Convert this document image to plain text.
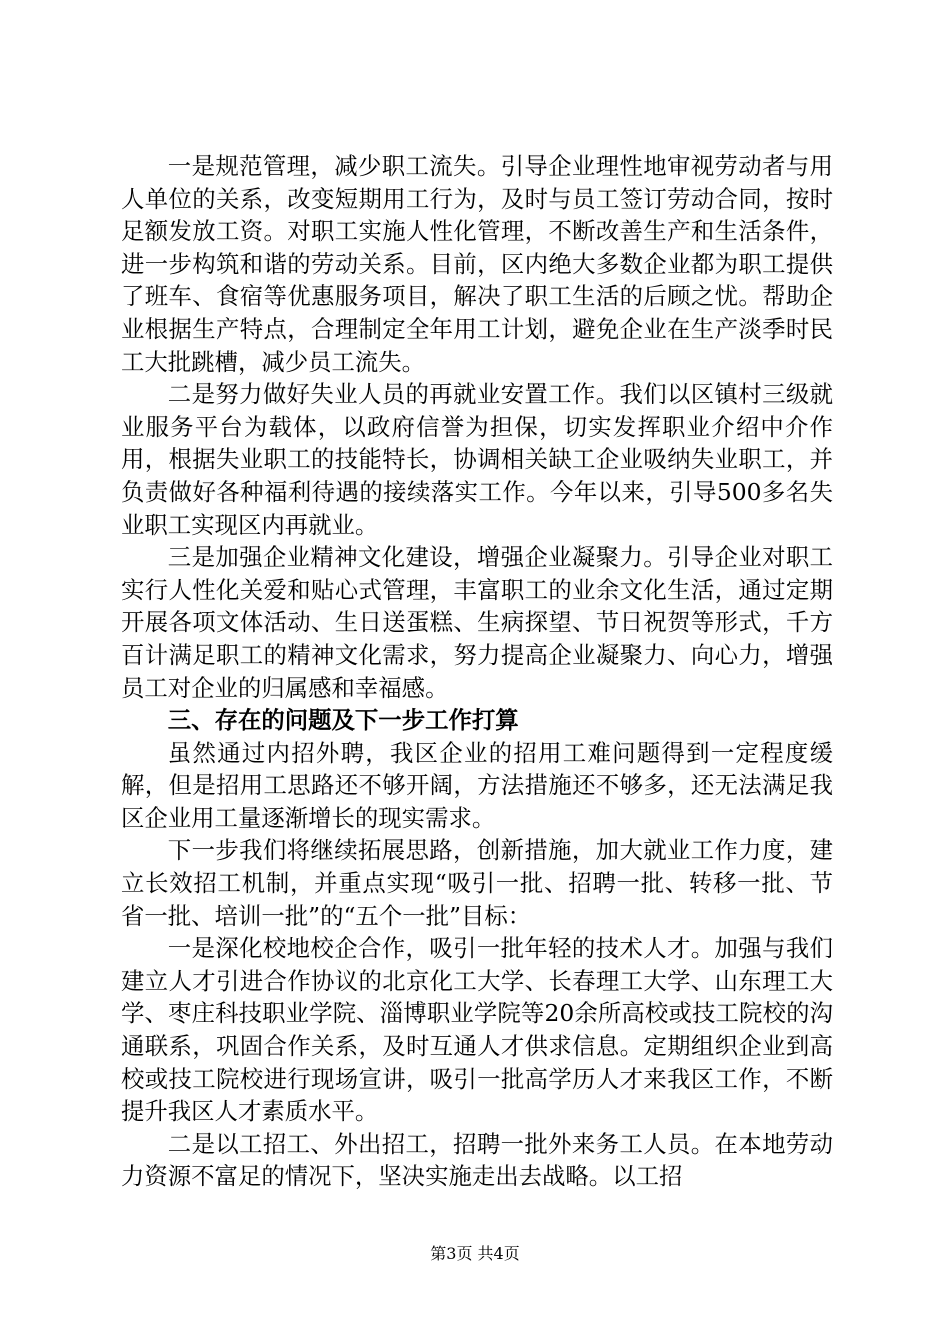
一是规范管理，减少职工流失。引导企业理性地审视劳动者与用人单位的关系，改变短期用工行为，及时与员工签订劳动合同，按时足额发放工资。对职工实施人性化管理，不断改善生产和生活条件，进一步构筑和谐的劳动关系。目前，区内绝大多数企业都为职工提供了班车、食宿等优惠服务项目，解决了职工生活的后顾之忧。帮助企业根据生产特点，合理制定全年用工计划，避免企业在生产淡季时民工大批跳槽，减少员工流失。

二是努力做好失业人员的再就业安置工作。我们以区镇村三级就业服务平台为载体，以政府信誉为担保，切实发挥职业介绍中介作用，根据失业职工的技能特长，协调相关缺工企业吸纳失业职工，并负责做好各种福利待遇的接续落实工作。今年以来，引导500多名失业职工实现区内再就业。

三是加强企业精神文化建设，增强企业凝聚力。引导企业对职工实行人性化关爱和贴心式管理，丰富职工的业余文化生活，通过定期开展各项文体活动、生日送蛋糕、生病探望、节日祝贺等形式，千方百计满足职工的精神文化需求，努力提高企业凝聚力、向心力，增强员工对企业的归属感和幸福感。

三、存在的问题及下一步工作打算

虽然通过内招外聘，我区企业的招用工难问题得到一定程度缓解，但是招用工思路还不够开阔，方法措施还不够多，还无法满足我区企业用工量逐渐增长的现实需求。

下一步我们将继续拓展思路，创新措施，加大就业工作力度，建立长效招工机制，并重点实现“吸引一批、招聘一批、转移一批、节省一批、培训一批”的“五个一批”目标：

一是深化校地校企合作，吸引一批年轻的技术人才。加强与我们建立人才引进合作协议的北京化工大学、长春理工大学、山东理工大学、枣庄科技职业学院、淄博职业学院等20余所高校或技工院校的沟通联系，巩固合作关系，及时互通人才供求信息。定期组织企业到高校或技工院校进行现场宣讲，吸引一批高学历人才来我区工作，不断提升我区人才素质水平。

二是以工招工、外出招工，招聘一批外来务工人员。在本地劳动力资源不富足的情况下，坚决实施走出去战略。以工招

第3页 共4页
